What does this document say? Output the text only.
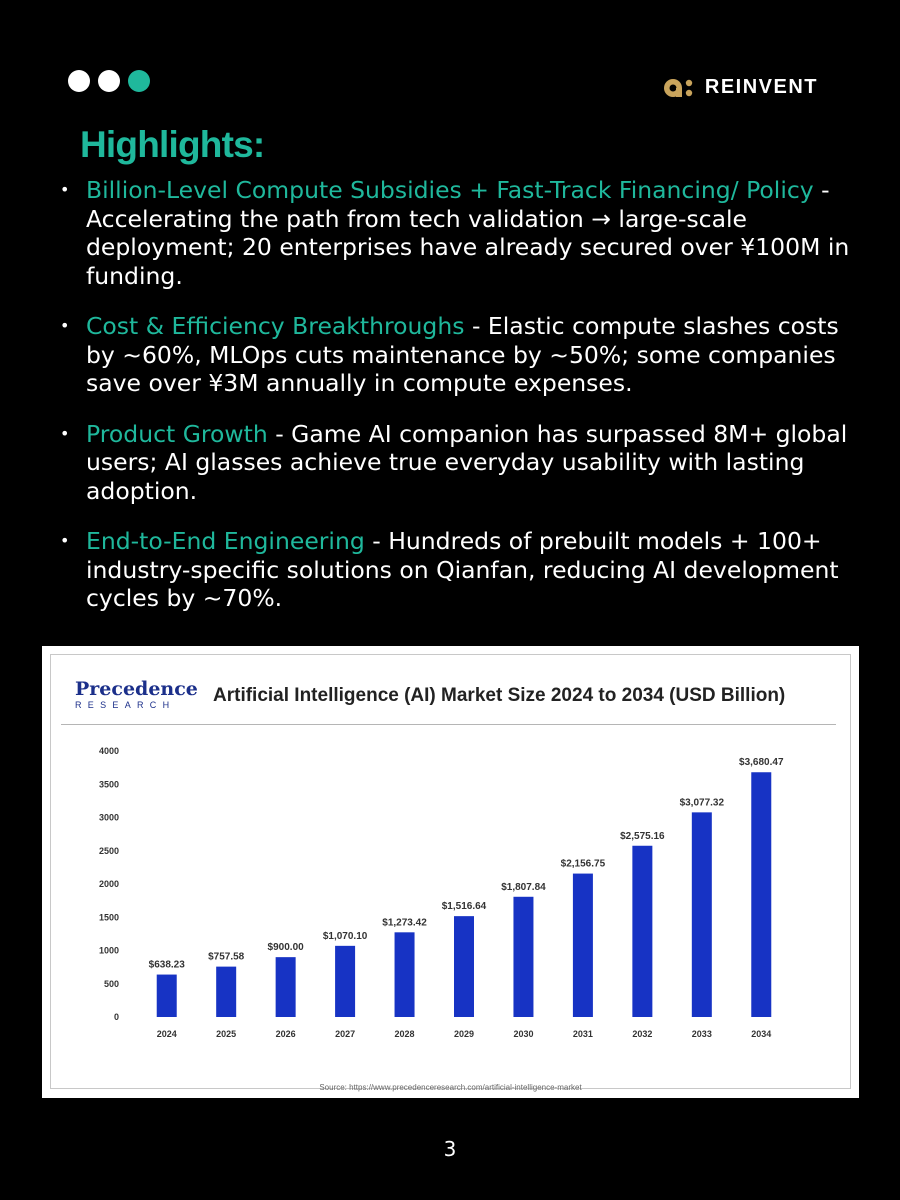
REINVENT
Highlights:
• Billion-Level Compute Subsidies + Fast-Track Financing/ Policy - Accelerating the path from tech validation → large-scale deployment; 20 enterprises have already secured over ¥100M in funding.
• Cost & Efficiency Breakthroughs - Elastic compute slashes costs by ~60%, MLOps cuts maintenance by ~50%; some companies save over ¥3M annually in compute expenses.
• Product Growth - Game AI companion has surpassed 8M+ global users; AI glasses achieve true everyday usability with lasting adoption.
• End-to-End Engineering - Hundreds of prebuilt models + 100+ industry-specific solutions on Qianfan, reducing AI development cycles by ~70%.
Precedence
RESEARCH	Artificial Intelligence (AI) Market Size 2024 to 2034 (USD Billion)
0
500
1000
1500
2000
2500
3000
3500
4000
$638.23
2024
$757.58
2025
$900.00
2026
$1,070.10
2027
$1,273.42
2028
$1,516.64
2029
$1,807.84
2030
$2,156.75
2031
$2,575.16
2032
$3,077.32
2033
$3,680.47
2034
Source: https://www.precedenceresearch.com/artificial-intelligence-market
3
